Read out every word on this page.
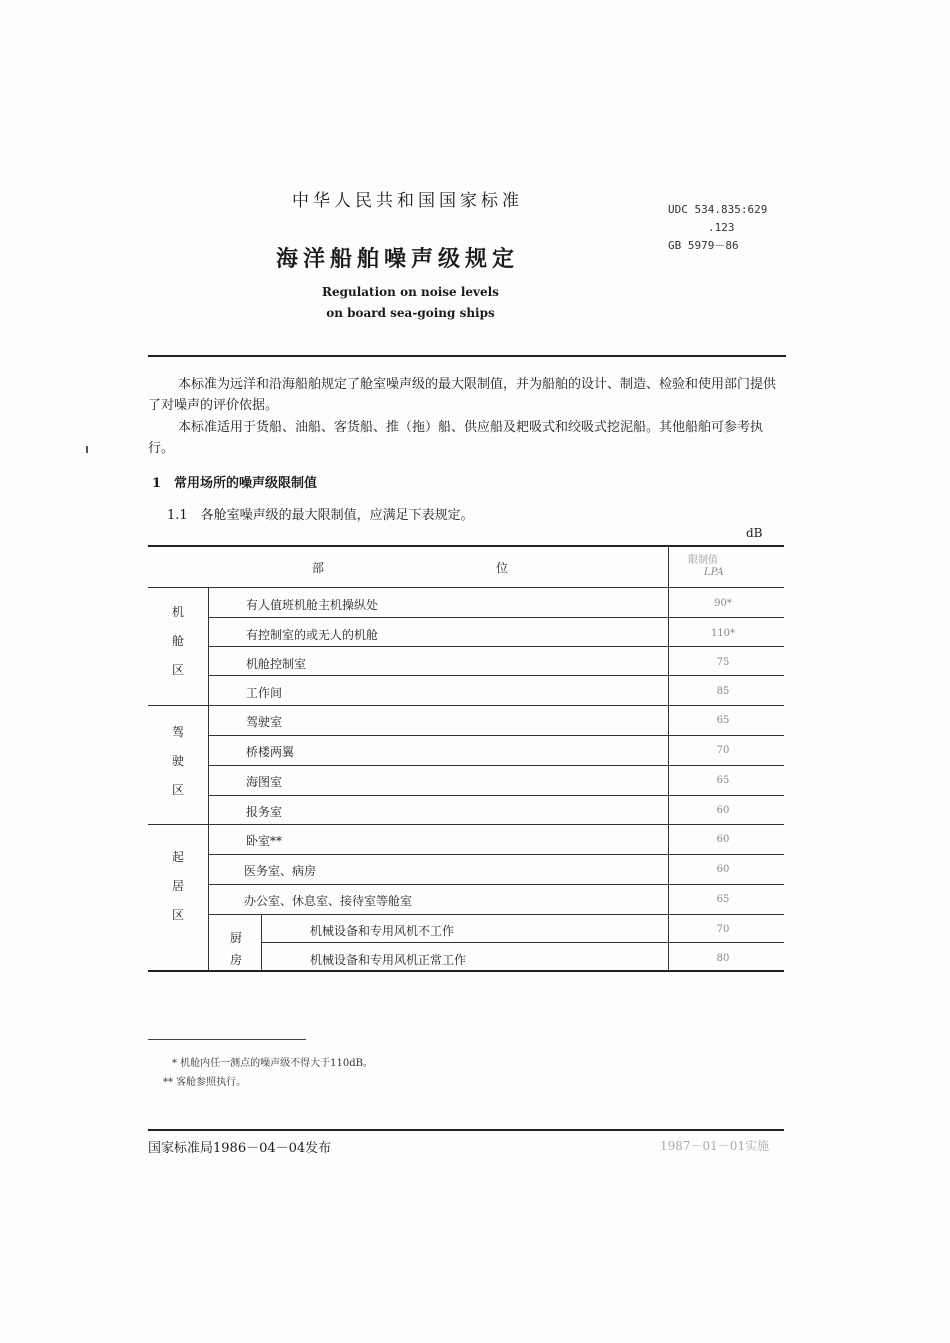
中华人民共和国国家标准
海洋船舶噪声级规定
Regulation on noise levels
on board sea-going ships
UDC 534.835:629
.123
GB 5979－86
本标准为远洋和沿海船舶规定了舱室噪声级的最大限制值，并为船舶的设计、制造、检验和使用部门提供了对噪声的评价依据。
本标准适用于货船、油船、客货船、推（拖）船、供应船及耙吸式和绞吸式挖泥船。其他船舶可参考执行。
1　常用场所的噪声级限制值
1.1　各舱室噪声级的最大限制值，应满足下表规定。
dB
部	位
限制值
LPA
机
舱
区
有人值班机舱主机操纵处	90*
有控制室的或无人的机舱	110*
机舱控制室	75
工作间	85
驾
驶
区
驾驶室	65
桥楼两翼	70
海图室	65
报务室	60
起
居
区
卧室**	60
医务室、病房	60
办公室、休息室、接待室等舱室	65
厨
房
机械设备和专用风机不工作	70
机械设备和专用风机正常工作	80
* 机舱内任一测点的噪声级不得大于110dB。
** 客舱参照执行。
国家标准局1986－04－04发布	1987－01－01实施
